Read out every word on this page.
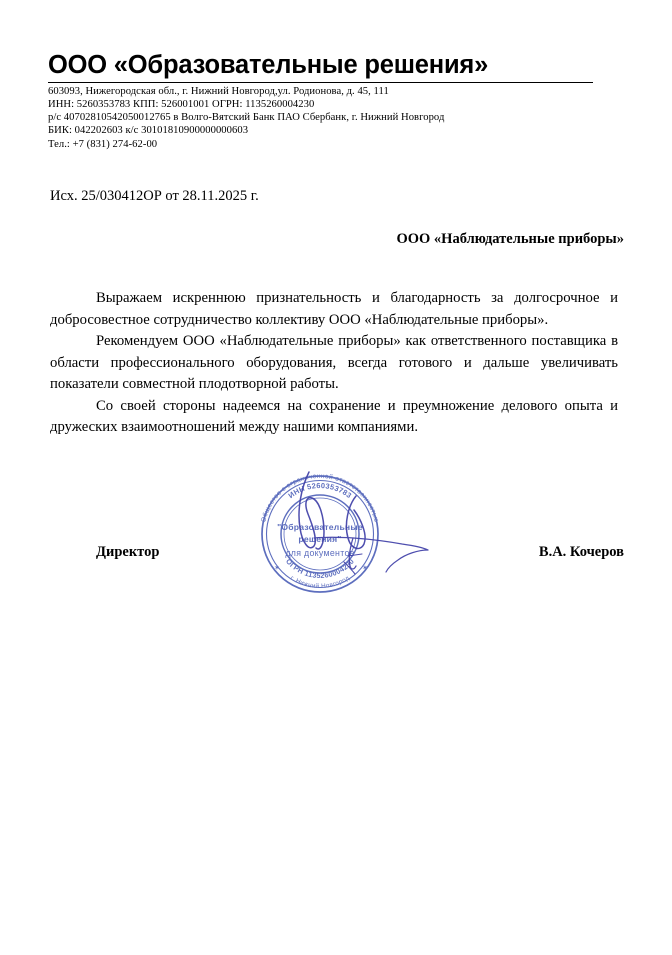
ООО «Образовательные решения»
603093, Нижегородская обл., г. Нижний Новгород,ул. Родионова, д. 45, 111
ИНН: 5260353783 КПП: 526001001 ОГРН: 1135260004230
р/с 40702810542050012765 в Волго-Вятский Банк ПАО Сбербанк, г. Нижний Новгород
БИК: 042202603 к/с 30101810900000000603
Тел.: +7 (831) 274-62-00
Исх. 25/030412ОР от 28.11.2025 г.
ООО «Наблюдательные приборы»

Выражаем искреннюю признательность и благодарность за долгосрочное и добросовестное сотрудничество коллективу ООО «Наблюдательные приборы».

Рекомендуем ООО «Наблюдательные приборы» как ответственного поставщика в области профессионального оборудования, всегда готового и дальше увеличивать показатели совместной плодотворной работы.

Со своей стороны надеемся на сохранение и преумножение делового опыта и дружеских взаимоотношений между нашими компаниями.

Общество с ограниченной ответственностью
ИНН 5260353783
ОГРН 1135260004230
г. Нижний Новгород
✶	✶
"Образовательные
решения"
для документов
Директор	В.А. Кочеров
